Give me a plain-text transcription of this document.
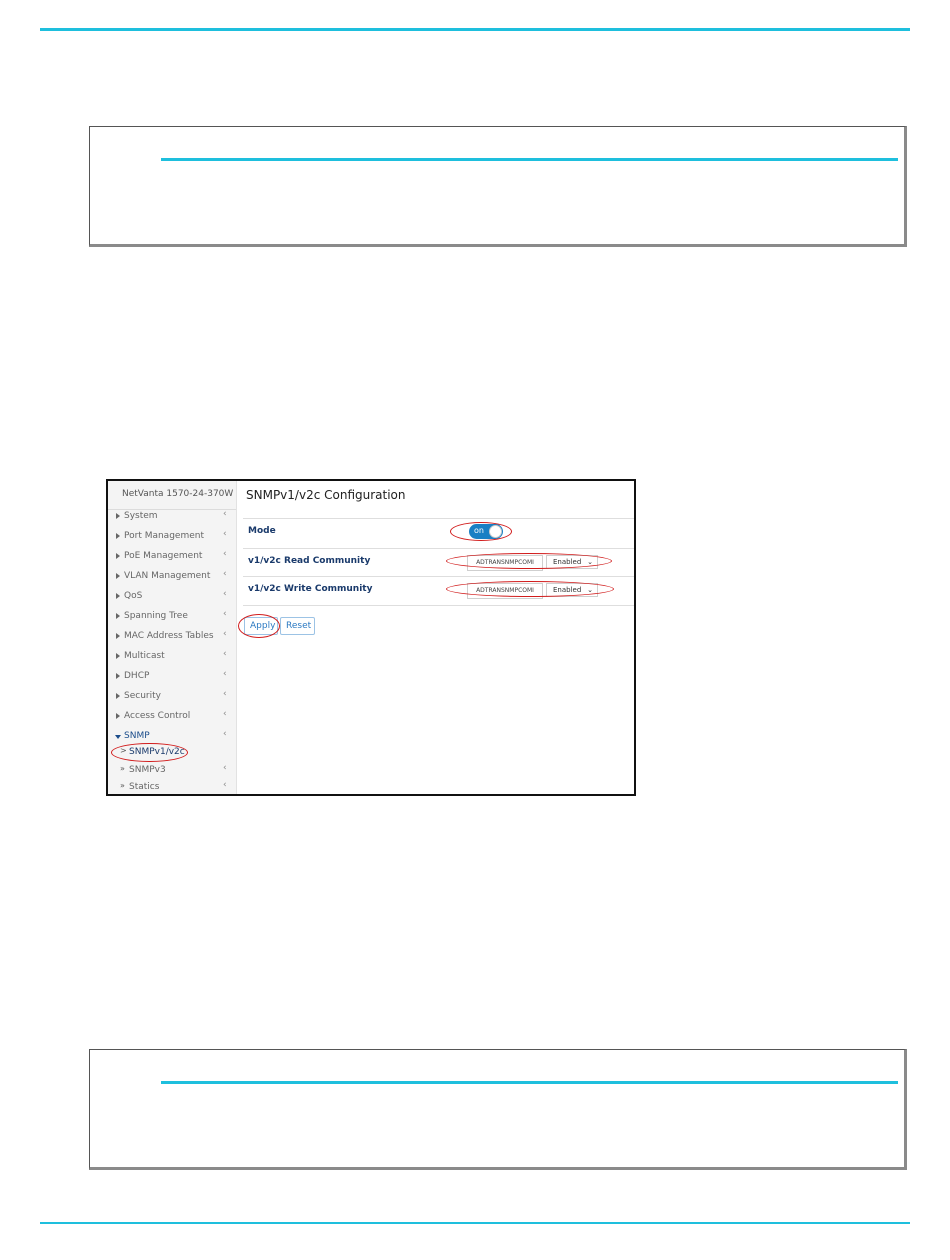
NetVanta 1570-24-370W
System	‹
Port Management ‹
PoE Management ‹
VLAN Management ‹
QoS	‹
Spanning Tree	‹
MAC Address Tables ‹
Multicast	‹
DHCP	‹
Security	‹
Access Control	‹
SNMP	‹
> SNMPv1/v2c
» SNMPv3	‹
» Statics	‹
SNMPv1/v2c Configuration
Mode	on
v1/v2c Read Community	ADTRANSNMPCOMI	Enabled ⌄
v1/v2c Write Community	ADTRANSNMPCOMI	Enabled ⌄
Apply	Reset
